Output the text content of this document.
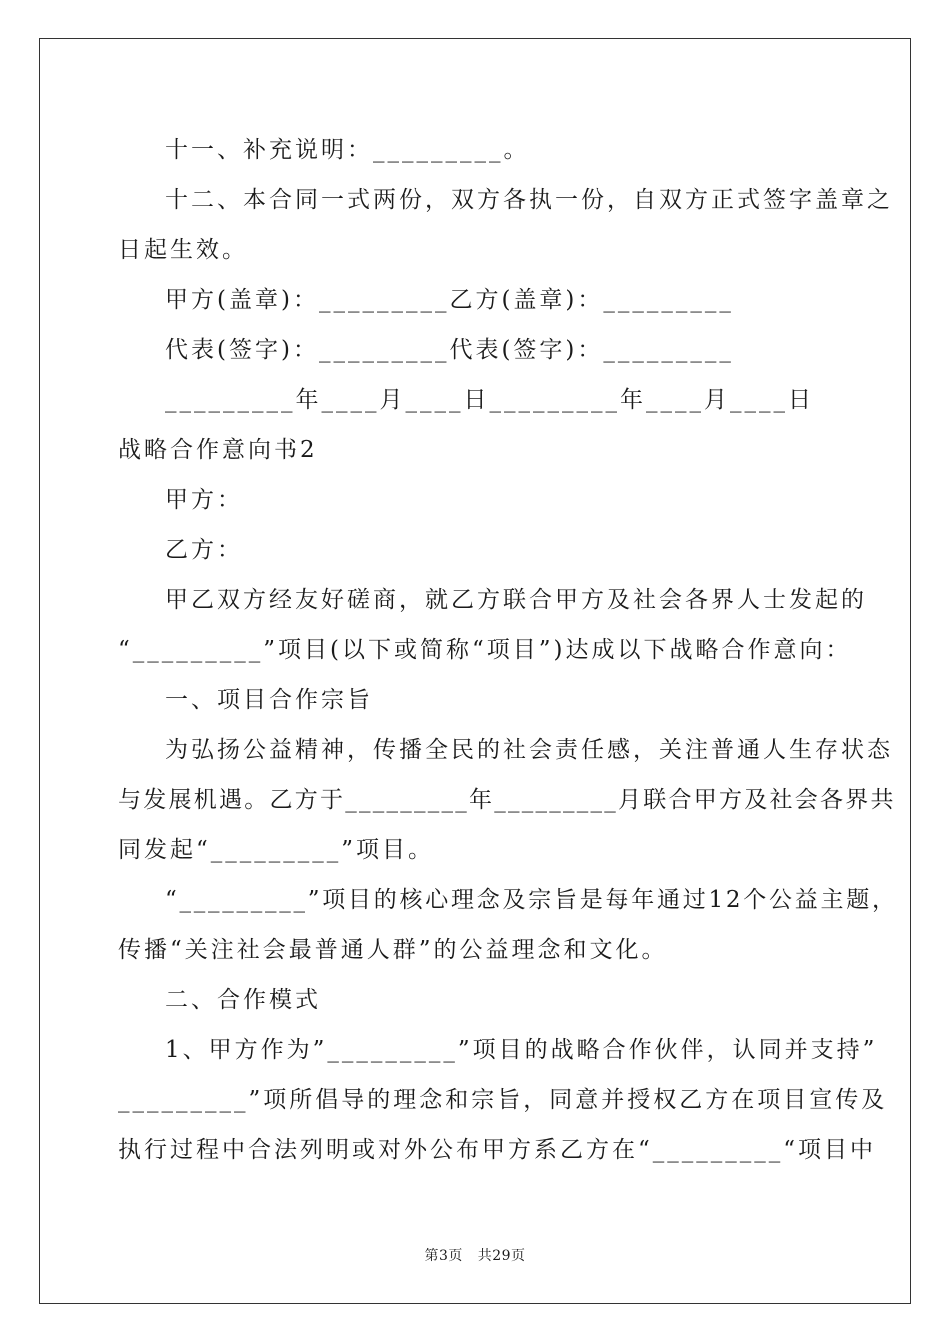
十一、补充说明：_________。
十二、本合同一式两份，双方各执一份，自双方正式签字盖章之
日起生效。
甲方(盖章)：_________乙方(盖章)：_________
代表(签字)：_________代表(签字)：_________
_________年____月____日_________年____月____日
战略合作意向书2
甲方：
乙方：
甲乙双方经友好磋商，就乙方联合甲方及社会各界人士发起的
“_________”项目(以下或简称“项目”)达成以下战略合作意向：
一、项目合作宗旨
为弘扬公益精神，传播全民的社会责任感，关注普通人生存状态
与发展机遇。乙方于_________年_________月联合甲方及社会各界共
同发起“_________”项目。
“_________”项目的核心理念及宗旨是每年通过12个公益主题，
传播“关注社会最普通人群”的公益理念和文化。
二、合作模式
1、甲方作为”_________”项目的战略合作伙伴，认同并支持”
_________”项所倡导的理念和宗旨，同意并授权乙方在项目宣传及
执行过程中合法列明或对外公布甲方系乙方在“_________“项目中
第3页   共29页
